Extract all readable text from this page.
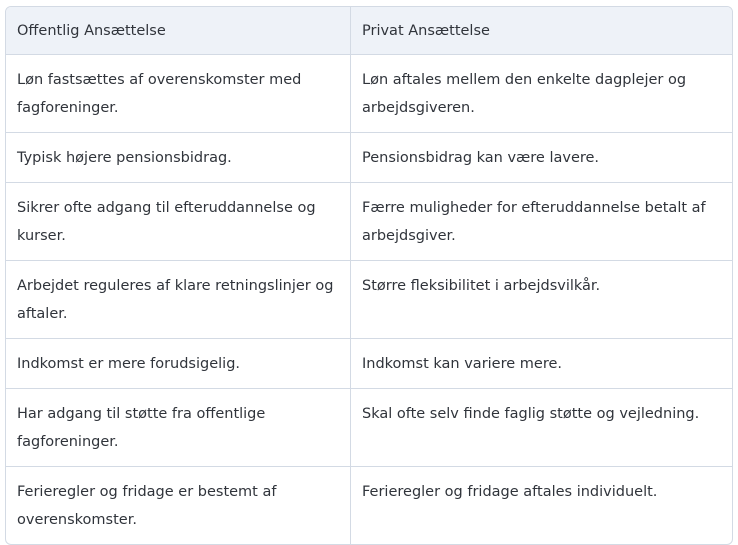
Offentlig Ansættelse	Privat Ansættelse
Løn fastsættes af overenskomster med fagforeninger.	Løn aftales mellem den enkelte dagplejer og arbejdsgiveren.
Typisk højere pensionsbidrag.	Pensionsbidrag kan være lavere.
Sikrer ofte adgang til efteruddannelse og kurser.	Færre muligheder for efteruddannelse betalt af arbejdsgiver.
Arbejdet reguleres af klare retningslinjer og aftaler.	Større fleksibilitet i arbejdsvilkår.
Indkomst er mere forudsigelig.	Indkomst kan variere mere.
Har adgang til støtte fra offentlige fagforeninger.	Skal ofte selv finde faglig støtte og vejledning.
Ferieregler og fridage er bestemt af overenskomster.	Ferieregler og fridage aftales individuelt.
